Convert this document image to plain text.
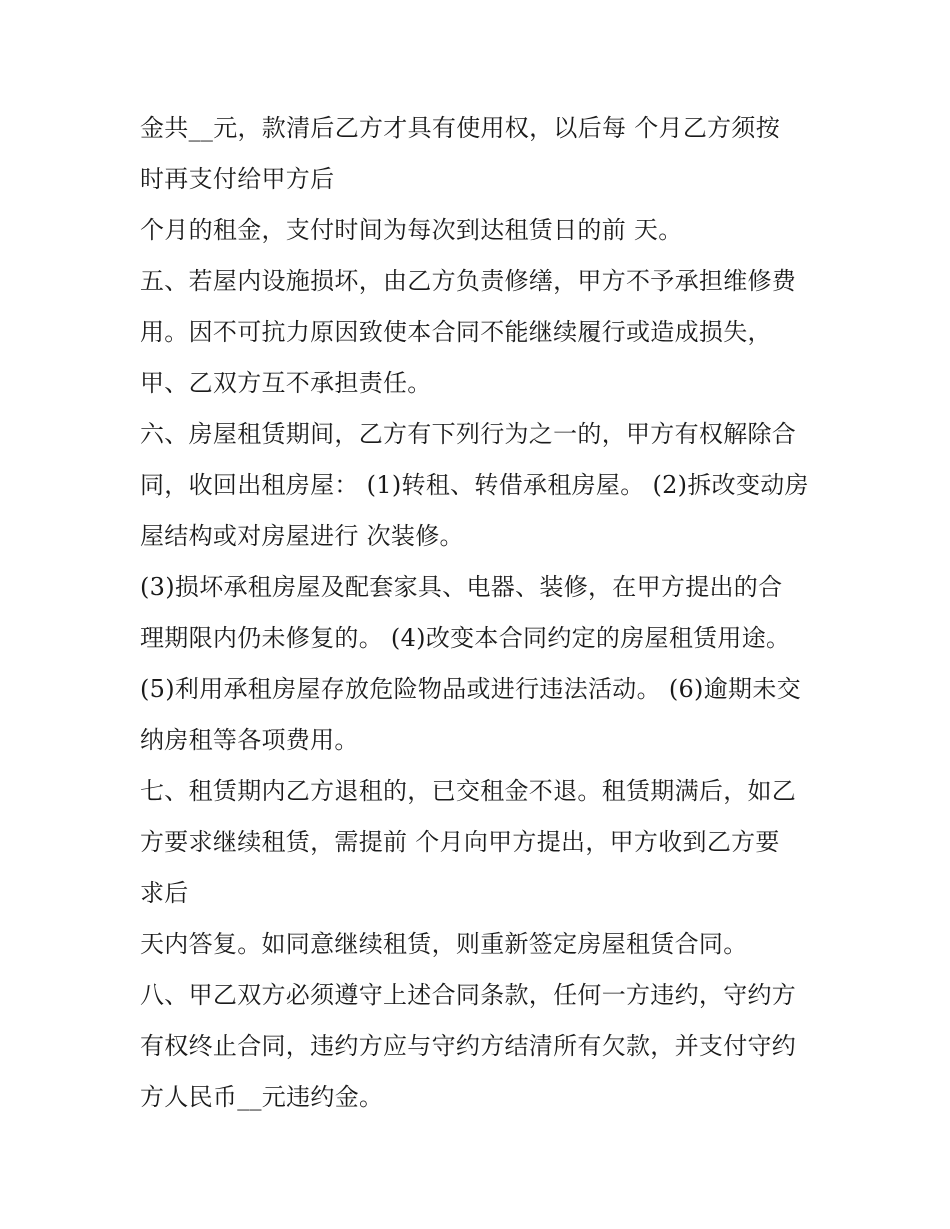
金共__元，款清后乙方才具有使用权，以后每 个月乙方须按
时再支付给甲方后
个月的租金，支付时间为每次到达租赁日的前 天。
五、若屋内设施损坏，由乙方负责修缮，甲方不予承担维修费
用。因不可抗力原因致使本合同不能继续履行或造成损失，
甲、乙双方互不承担责任。
六、房屋租赁期间，乙方有下列行为之一的，甲方有权解除合
同，收回出租房屋： (1)转租、转借承租房屋。 (2)拆改变动房
屋结构或对房屋进行 次装修。
(3)损坏承租房屋及配套家具、电器、装修，在甲方提出的合
理期限内仍未修复的。 (4)改变本合同约定的房屋租赁用途。
(5)利用承租房屋存放危险物品或进行违法活动。 (6)逾期未交
纳房租等各项费用。
七、租赁期内乙方退租的，已交租金不退。租赁期满后，如乙
方要求继续租赁，需提前 个月向甲方提出，甲方收到乙方要
求后
天内答复。如同意继续租赁，则重新签定房屋租赁合同。
八、甲乙双方必须遵守上述合同条款，任何一方违约，守约方
有权终止合同，违约方应与守约方结清所有欠款，并支付守约
方人民币__元违约金。
